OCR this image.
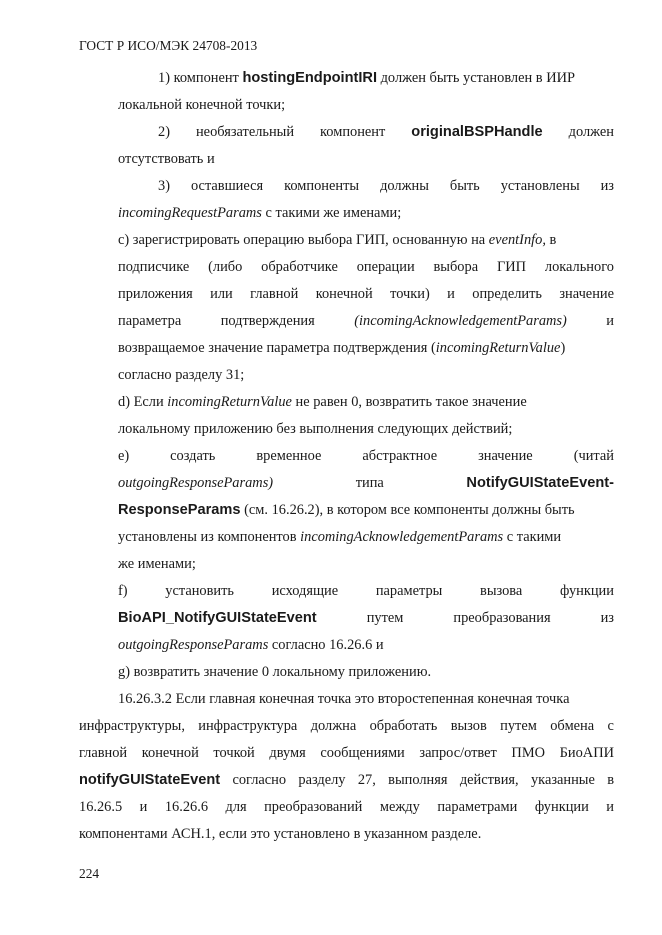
ГОСТ Р ИСО/МЭК 24708-2013
1) компонент hostingEndpointIRI должен быть установлен в ИИР
локальной конечной точки;
2) необязательный компонент originalBSPHandle должен
отсутствовать и
3) оставшиеся компоненты должны быть установлены из
incomingRequestParams с такими же именами;
c) зарегистрировать операцию выбора ГИП, основанную на eventInfo, в
подписчике (либо обработчике операции выбора ГИП локального
приложения или главной конечной точки) и определить значение
параметра	подтверждения	(incomingAcknowledgementParams)	и
возвращаемое значение параметра подтверждения (incomingReturnValue)
согласно разделу 31;
d) Если incomingReturnValue не равен 0, возвратить такое значение
локальному приложению без выполнения следующих действий;
e)	создать	временное	абстрактное	значение	(читай
outgoingResponseParams)	типа	NotifyGUIStateEvent-
ResponseParams (см. 16.26.2), в котором все компоненты должны быть
установлены из компонентов incomingAcknowledgementParams с такими
же именами;
f)	установить	исходящие	параметры	вызова	функции
BioAPI_NotifyGUIStateEvent	путем	преобразования	из
outgoingResponseParams согласно 16.26.6 и
g) возвратить значение 0 локальному приложению.
16.26.3.2 Если главная конечная точка это второстепенная конечная точка
инфраструктуры, инфраструктура должна обработать вызов путем обмена с
главной конечной точкой двумя сообщениями запрос/ответ ПМО БиоАПИ
notifyGUIStateEvent согласно разделу 27, выполняя действия, указанные в
16.26.5 и 16.26.6 для преобразований между параметрами функции и
компонентами АСН.1, если это установлено в указанном разделе.
224
